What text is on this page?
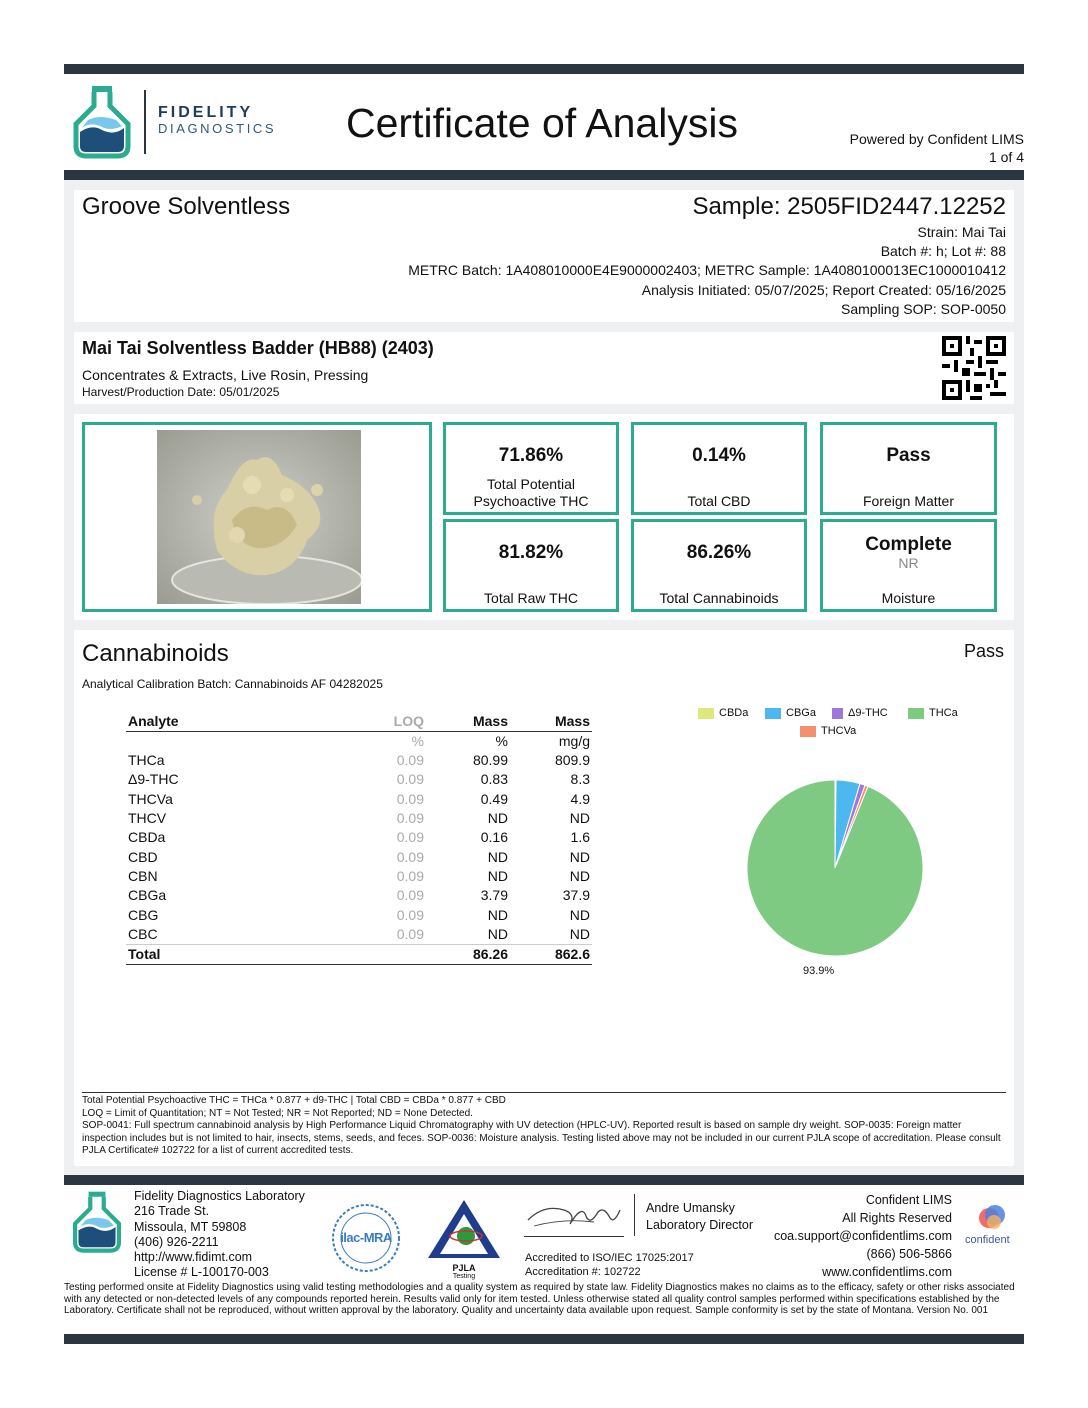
FIDELITY
DIAGNOSTICS Certificate of Analysis	Powered by Confident LIMS
1 of 4
Groove Solventless	Sample: 2505FID2447.12252
Strain: Mai Tai
Batch #: h; Lot #: 88
METRC Batch: 1A408010000E4E9000002403; METRC Sample: 1A4080100013EC1000010412
Analysis Initiated: 05/07/2025; Report Created: 05/16/2025
Sampling SOP: SOP-0050
Mai Tai Solventless Badder (HB88) (2403)
Concentrates & Extracts, Live Rosin, Pressing
Harvest/Production Date: 05/01/2025
71.86%
Total Potential
Psychoactive THC
0.14%
Total CBD
Pass
Foreign Matter
81.82%
Total Raw THC
86.26%
Total Cannabinoids
Complete
NR
Moisture
Cannabinoids	Pass
Analytical Calibration Batch: Cannabinoids AF 04282025
Analyte	LOQ	Mass	Mass
	%	%	mg/g
THCa	0.09	80.99	809.9
Δ9-THC	0.09	0.83	8.3
THCVa	0.09	0.49	4.9
THCV	0.09	ND	ND
CBDa	0.09	0.16	1.6
CBD	0.09	ND	ND
CBN	0.09	ND	ND
CBGa	0.09	3.79	37.9
CBG	0.09	ND	ND
CBC	0.09	ND	ND
Total		86.26	862.6
CBDa	CBGa	Δ9-THC	THCa
THCVa
93.9%
Total Potential Psychoactive THC = THCa * 0.877 + d9-THC | Total CBD = CBDa * 0.877 + CBD
LOQ = Limit of Quantitation; NT = Not Tested; NR = Not Reported; ND = None Detected.
SOP-0041: Full spectrum cannabinoid analysis by High Performance Liquid Chromatography with UV detection (HPLC-UV). Reported result is based on sample dry weight. SOP-0035: Foreign matter inspection includes but is not limited to hair, insects, stems, seeds, and feces. SOP-0036: Moisture analysis. Testing listed above may not be included in our current PJLA scope of accreditation. Please consult PJLA Certificate# 102722 for a list of current accredited tests.
Fidelity Diagnostics Laboratory
216 Trade St.
Missoula, MT 59808
(406) 926-2211
http://www.fidimt.com
License # L-100170-003
ilac-MRA
PJLA
Testing
Andre Umansky
Laboratory Director
Accredited to ISO/IEC 17025:2017
Accreditation #: 102722
Confident LIMS
All Rights Reserved
coa.support@confidentlims.com
(866) 506-5866
www.confidentlims.com
confident
Testing performed onsite at Fidelity Diagnostics using valid testing methodologies and a quality system as required by state law. Fidelity Diagnostics makes no claims as to the efficacy, safety or other risks associated with any detected or non-detected levels of any compounds reported herein. Results valid only for item tested. Unless otherwise stated all quality control samples performed within specifications established by the Laboratory. Certificate shall not be reproduced, without written approval by the laboratory. Quality and uncertainty data available upon request. Sample conformity is set by the state of Montana. Version No. 001
